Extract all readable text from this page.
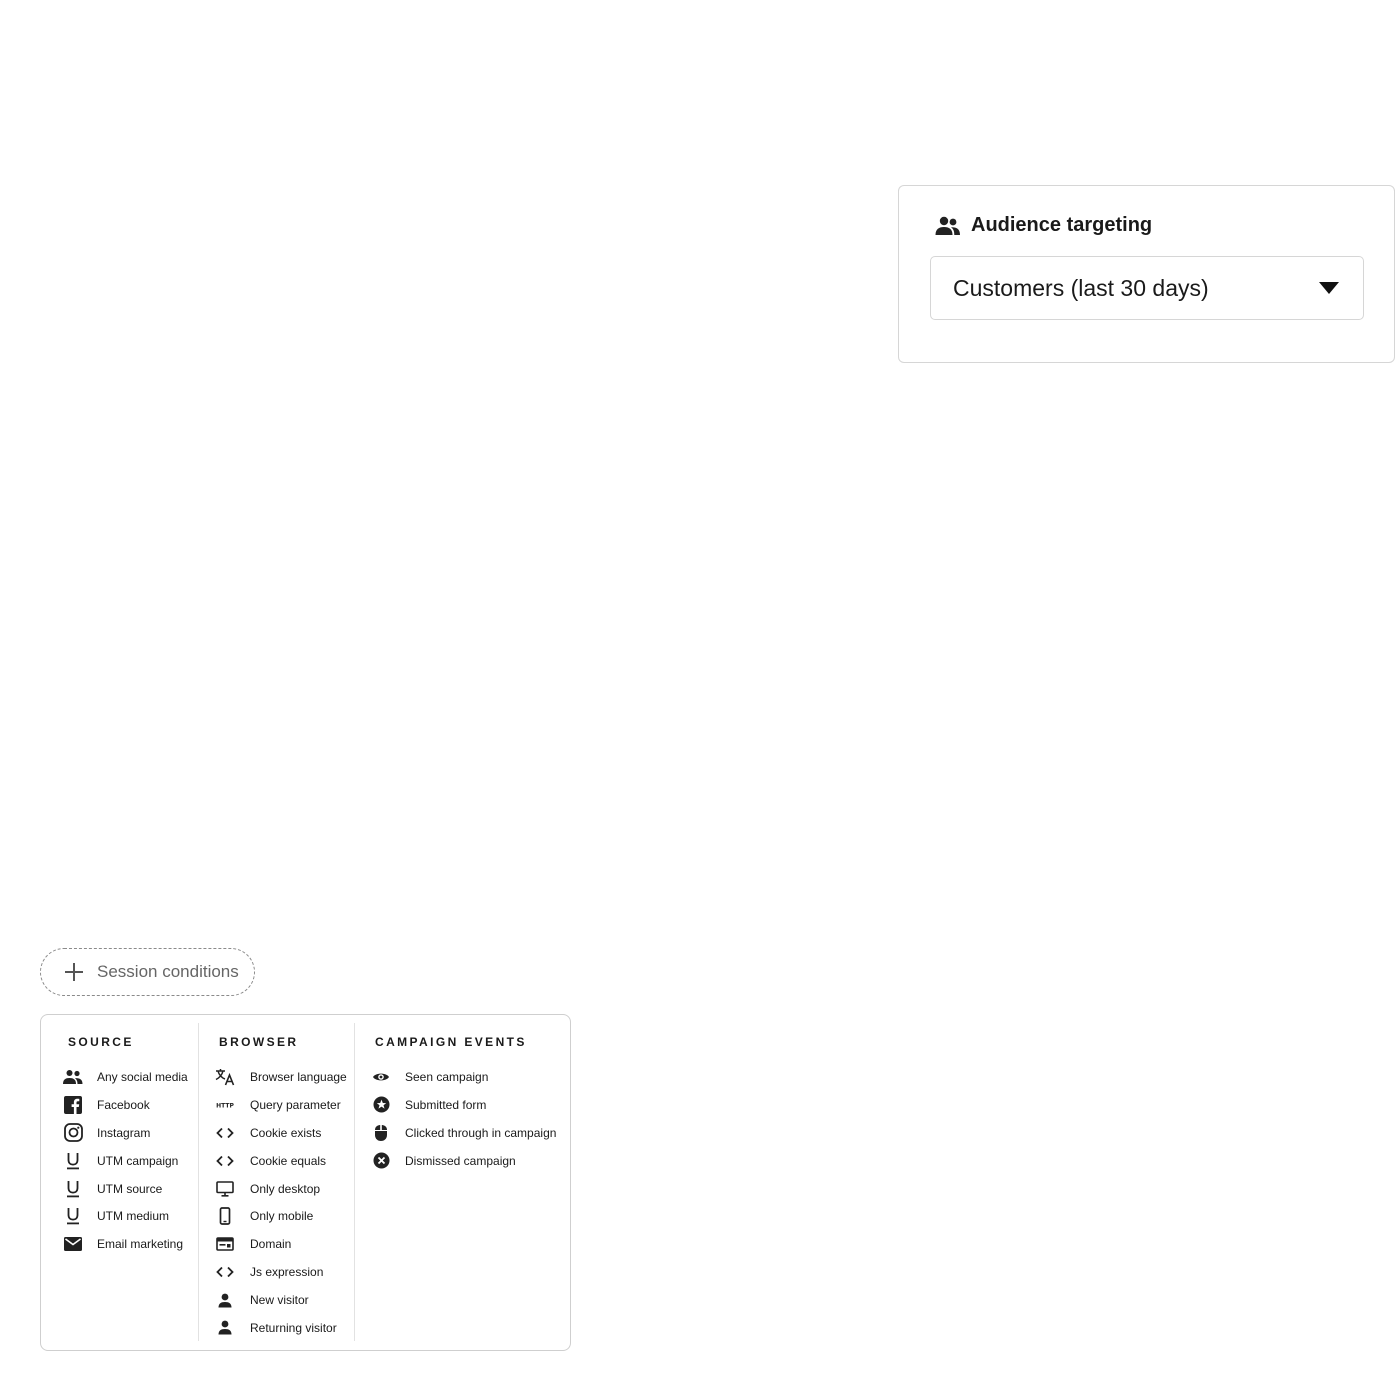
Audience targeting
Customers (last 30 days)
Session conditions
SOURCE
Any social media
Facebook
Instagram
UTM campaign
UTM source
UTM medium
Email marketing
BROWSER
Browser language
HTTP Query parameter
Cookie exists
Cookie equals
Only desktop
Only mobile
Domain
Js expression
New visitor
Returning visitor
CAMPAIGN EVENTS
Seen campaign
Submitted form
Clicked through in campaign
Dismissed campaign
